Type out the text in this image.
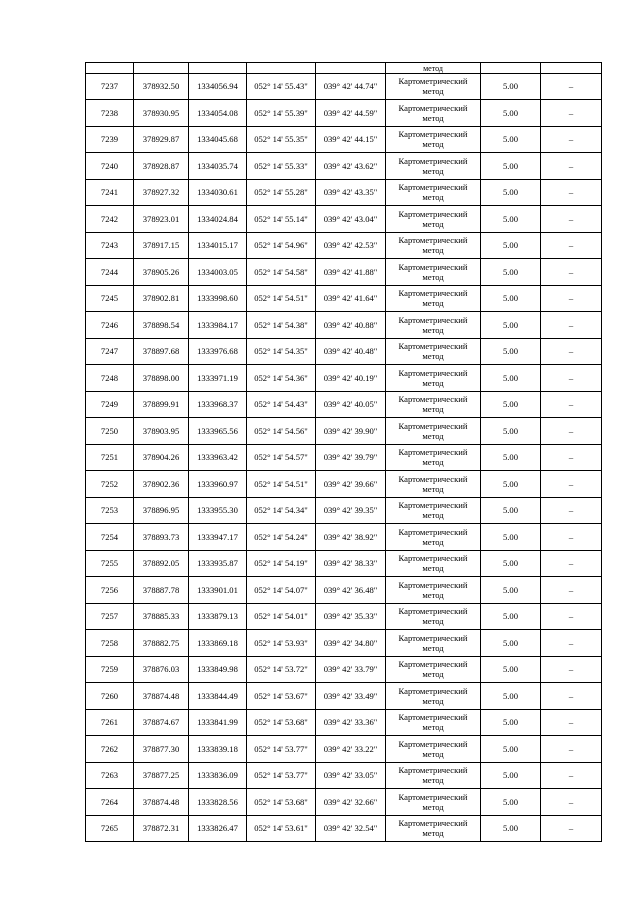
					метод		
7237	378932.50	1334056.94	052° 14' 55.43"	039° 42' 44.74"	Картометрический
метод	5.00	–
7238	378930.95	1334054.08	052° 14' 55.39"	039° 42' 44.59"	Картометрический
метод	5.00	–
7239	378929.87	1334045.68	052° 14' 55.35"	039° 42' 44.15"	Картометрический
метод	5.00	–
7240	378928.87	1334035.74	052° 14' 55.33"	039° 42' 43.62"	Картометрический
метод	5.00	–
7241	378927.32	1334030.61	052° 14' 55.28"	039° 42' 43.35"	Картометрический
метод	5.00	–
7242	378923.01	1334024.84	052° 14' 55.14"	039° 42' 43.04"	Картометрический
метод	5.00	–
7243	378917.15	1334015.17	052° 14' 54.96"	039° 42' 42.53"	Картометрический
метод	5.00	–
7244	378905.26	1334003.05	052° 14' 54.58"	039° 42' 41.88"	Картометрический
метод	5.00	–
7245	378902.81	1333998.60	052° 14' 54.51"	039° 42' 41.64"	Картометрический
метод	5.00	–
7246	378898.54	1333984.17	052° 14' 54.38"	039° 42' 40.88"	Картометрический
метод	5.00	–
7247	378897.68	1333976.68	052° 14' 54.35"	039° 42' 40.48"	Картометрический
метод	5.00	–
7248	378898.00	1333971.19	052° 14' 54.36"	039° 42' 40.19"	Картометрический
метод	5.00	–
7249	378899.91	1333968.37	052° 14' 54.43"	039° 42' 40.05"	Картометрический
метод	5.00	–
7250	378903.95	1333965.56	052° 14' 54.56"	039° 42' 39.90"	Картометрический
метод	5.00	–
7251	378904.26	1333963.42	052° 14' 54.57"	039° 42' 39.79"	Картометрический
метод	5.00	–
7252	378902.36	1333960.97	052° 14' 54.51"	039° 42' 39.66"	Картометрический
метод	5.00	–
7253	378896.95	1333955.30	052° 14' 54.34"	039° 42' 39.35"	Картометрический
метод	5.00	–
7254	378893.73	1333947.17	052° 14' 54.24"	039° 42' 38.92"	Картометрический
метод	5.00	–
7255	378892.05	1333935.87	052° 14' 54.19"	039° 42' 38.33"	Картометрический
метод	5.00	–
7256	378887.78	1333901.01	052° 14' 54.07"	039° 42' 36.48"	Картометрический
метод	5.00	–
7257	378885.33	1333879.13	052° 14' 54.01"	039° 42' 35.33"	Картометрический
метод	5.00	–
7258	378882.75	1333869.18	052° 14' 53.93"	039° 42' 34.80"	Картометрический
метод	5.00	–
7259	378876.03	1333849.98	052° 14' 53.72"	039° 42' 33.79"	Картометрический
метод	5.00	–
7260	378874.48	1333844.49	052° 14' 53.67"	039° 42' 33.49"	Картометрический
метод	5.00	–
7261	378874.67	1333841.99	052° 14' 53.68"	039° 42' 33.36"	Картометрический
метод	5.00	–
7262	378877.30	1333839.18	052° 14' 53.77"	039° 42' 33.22"	Картометрический
метод	5.00	–
7263	378877.25	1333836.09	052° 14' 53.77"	039° 42' 33.05"	Картометрический
метод	5.00	–
7264	378874.48	1333828.56	052° 14' 53.68"	039° 42' 32.66"	Картометрический
метод	5.00	–
7265	378872.31	1333826.47	052° 14' 53.61"	039° 42' 32.54"	Картометрический
метод	5.00	–
